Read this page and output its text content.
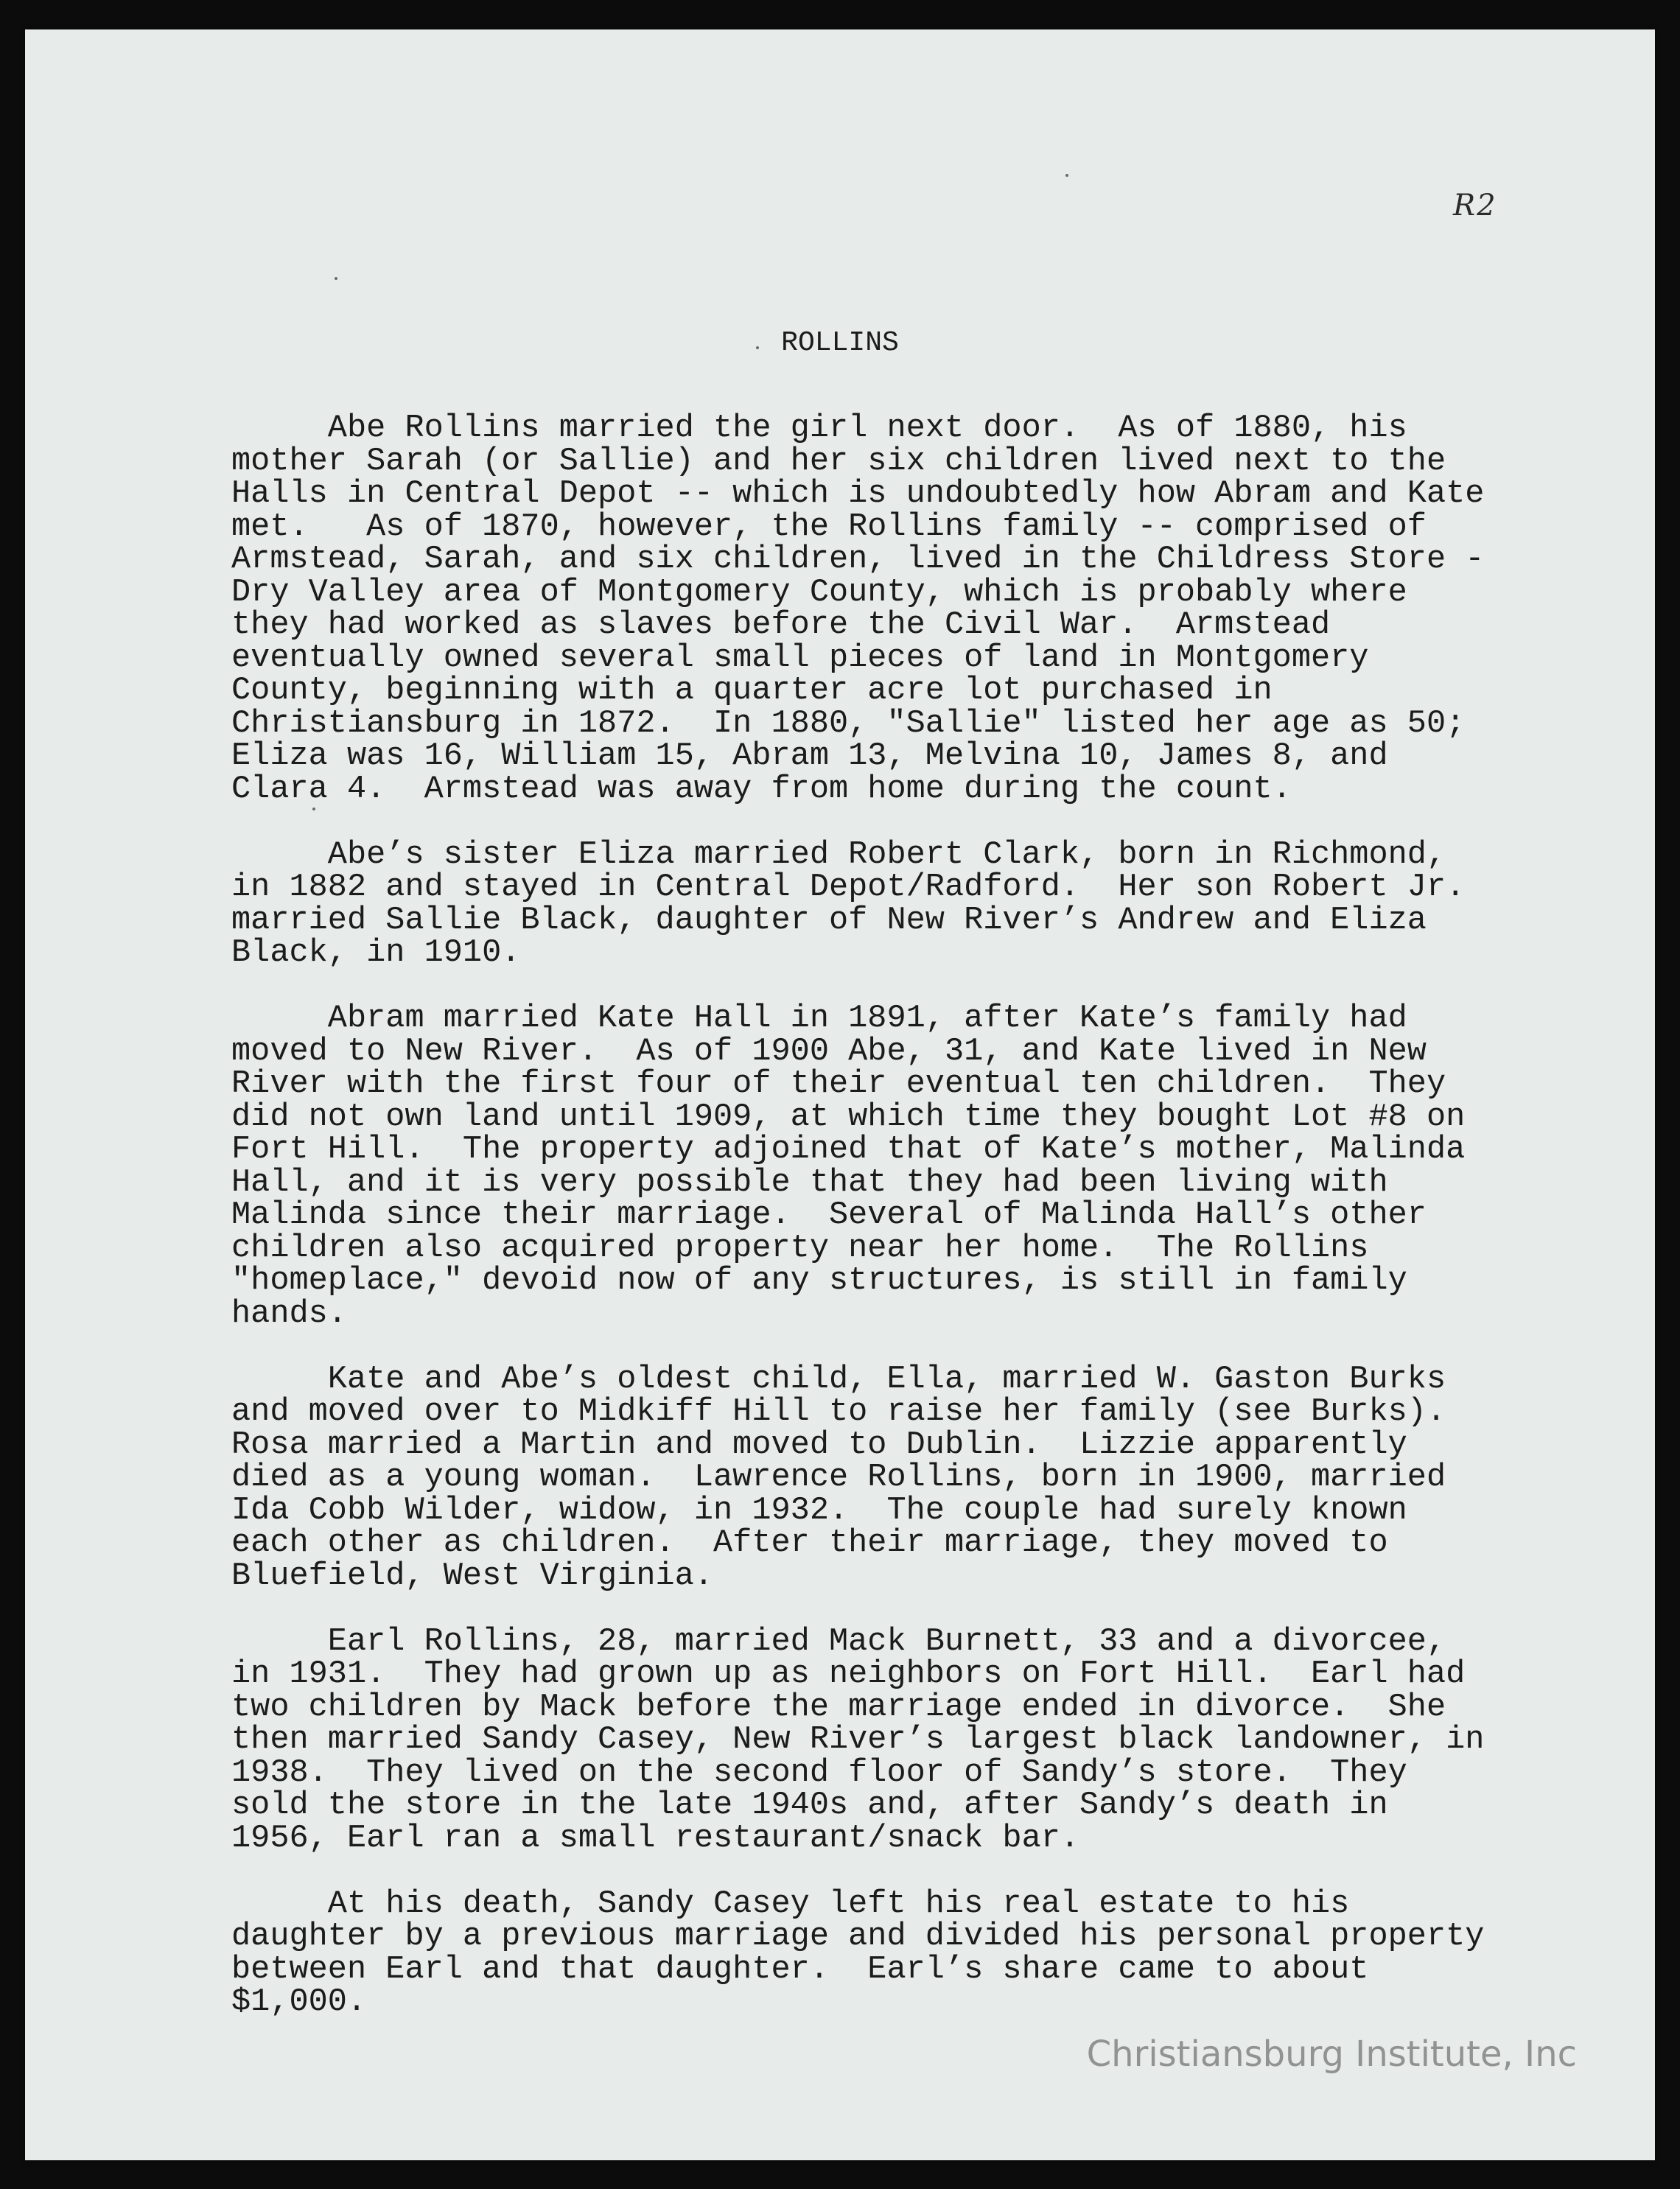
R2
ROLLINS
Abe Rollins married the girl next door.  As of 1880, his
mother Sarah (or Sallie) and her six children lived next to the
Halls in Central Depot -- which is undoubtedly how Abram and Kate
met.   As of 1870, however, the Rollins family -- comprised of
Armstead, Sarah, and six children, lived in the Childress Store -
Dry Valley area of Montgomery County, which is probably where
they had worked as slaves before the Civil War.  Armstead
eventually owned several small pieces of land in Montgomery
County, beginning with a quarter acre lot purchased in
Christiansburg in 1872.  In 1880, "Sallie" listed her age as 50;
Eliza was 16, William 15, Abram 13, Melvina 10, James 8, and
Clara 4.  Armstead was away from home during the count.
Abe’s sister Eliza married Robert Clark, born in Richmond,
in 1882 and stayed in Central Depot/Radford.  Her son Robert Jr.
married Sallie Black, daughter of New River’s Andrew and Eliza
Black, in 1910.
Abram married Kate Hall in 1891, after Kate’s family had
moved to New River.  As of 1900 Abe, 31, and Kate lived in New
River with the first four of their eventual ten children.  They
did not own land until 1909, at which time they bought Lot #8 on
Fort Hill.  The property adjoined that of Kate’s mother, Malinda
Hall, and it is very possible that they had been living with
Malinda since their marriage.  Several of Malinda Hall’s other
children also acquired property near her home.  The Rollins
"homeplace," devoid now of any structures, is still in family
hands.
Kate and Abe’s oldest child, Ella, married W. Gaston Burks
and moved over to Midkiff Hill to raise her family (see Burks).
Rosa married a Martin and moved to Dublin.  Lizzie apparently
died as a young woman.  Lawrence Rollins, born in 1900, married
Ida Cobb Wilder, widow, in 1932.  The couple had surely known
each other as children.  After their marriage, they moved to
Bluefield, West Virginia.
Earl Rollins, 28, married Mack Burnett, 33 and a divorcee,
in 1931.  They had grown up as neighbors on Fort Hill.  Earl had
two children by Mack before the marriage ended in divorce.  She
then married Sandy Casey, New River’s largest black landowner, in
1938.  They lived on the second floor of Sandy’s store.  They
sold the store in the late 1940s and, after Sandy’s death in
1956, Earl ran a small restaurant/snack bar.
At his death, Sandy Casey left his real estate to his
daughter by a previous marriage and divided his personal property
between Earl and that daughter.  Earl’s share came to about
$1,000.
Christiansburg Institute, Inc
